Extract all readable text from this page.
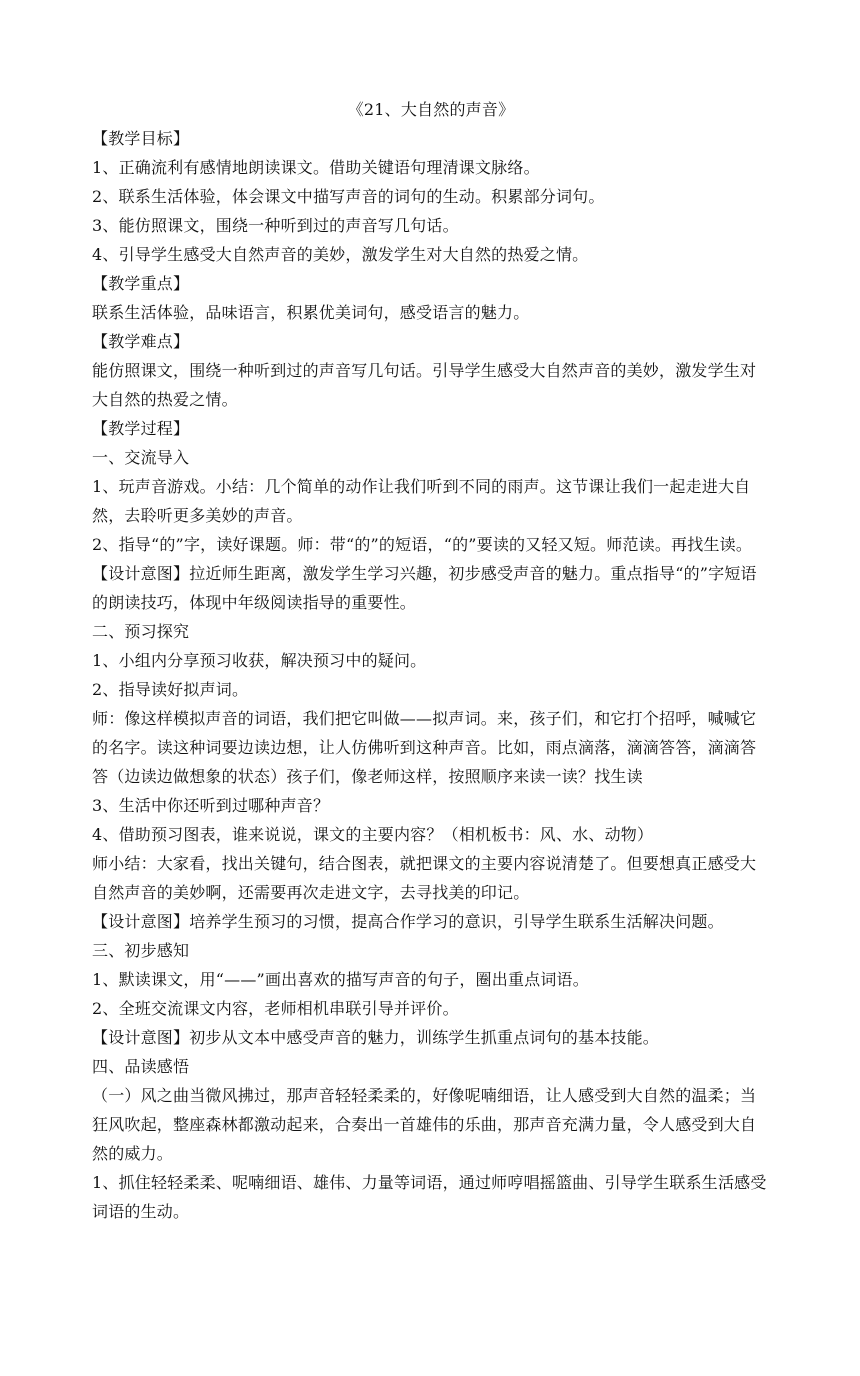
《21、大自然的声音》

【教学目标】

1、正确流利有感情地朗读课文。借助关键语句理清课文脉络。

2、联系生活体验，体会课文中描写声音的词句的生动。积累部分词句。

3、能仿照课文，围绕一种听到过的声音写几句话。

4、引导学生感受大自然声音的美妙，激发学生对大自然的热爱之情。

【教学重点】

联系生活体验，品味语言，积累优美词句，感受语言的魅力。

【教学难点】

能仿照课文，围绕一种听到过的声音写几句话。引导学生感受大自然声音的美妙，激发学生对大自然的热爱之情。

【教学过程】

一、交流导入

1、玩声音游戏。小结：几个简单的动作让我们听到不同的雨声。这节课让我们一起走进大自然，去聆听更多美妙的声音。

2、指导“的”字，读好课题。师：带“的”的短语，“的”要读的又轻又短。师范读。再找生读。

【设计意图】拉近师生距离，激发学生学习兴趣，初步感受声音的魅力。重点指导“的”字短语的朗读技巧，体现中年级阅读指导的重要性。

二、预习探究

1、小组内分享预习收获，解决预习中的疑问。

2、指导读好拟声词。

师：像这样模拟声音的词语，我们把它叫做——拟声词。来，孩子们，和它打个招呼，喊喊它的名字。读这种词要边读边想，让人仿佛听到这种声音。比如，雨点滴落，滴滴答答，滴滴答答（边读边做想象的状态）孩子们，像老师这样，按照顺序来读一读？找生读

3、生活中你还听到过哪种声音？

4、借助预习图表，谁来说说，课文的主要内容？（相机板书：风、水、动物）

师小结：大家看，找出关键句，结合图表，就把课文的主要内容说清楚了。但要想真正感受大自然声音的美妙啊，还需要再次走进文字，去寻找美的印记。

【设计意图】培养学生预习的习惯，提高合作学习的意识，引导学生联系生活解决问题。

三、初步感知

1、默读课文，用“——”画出喜欢的描写声音的句子，圈出重点词语。

2、全班交流课文内容，老师相机串联引导并评价。

【设计意图】初步从文本中感受声音的魅力，训练学生抓重点词句的基本技能。

四、品读感悟

（一）风之曲当微风拂过，那声音轻轻柔柔的，好像呢喃细语，让人感受到大自然的温柔；当狂风吹起，整座森林都激动起来，合奏出一首雄伟的乐曲，那声音充满力量，令人感受到大自然的威力。

1、抓住轻轻柔柔、呢喃细语、雄伟、力量等词语，通过师哼唱摇篮曲、引导学生联系生活感受词语的生动。
